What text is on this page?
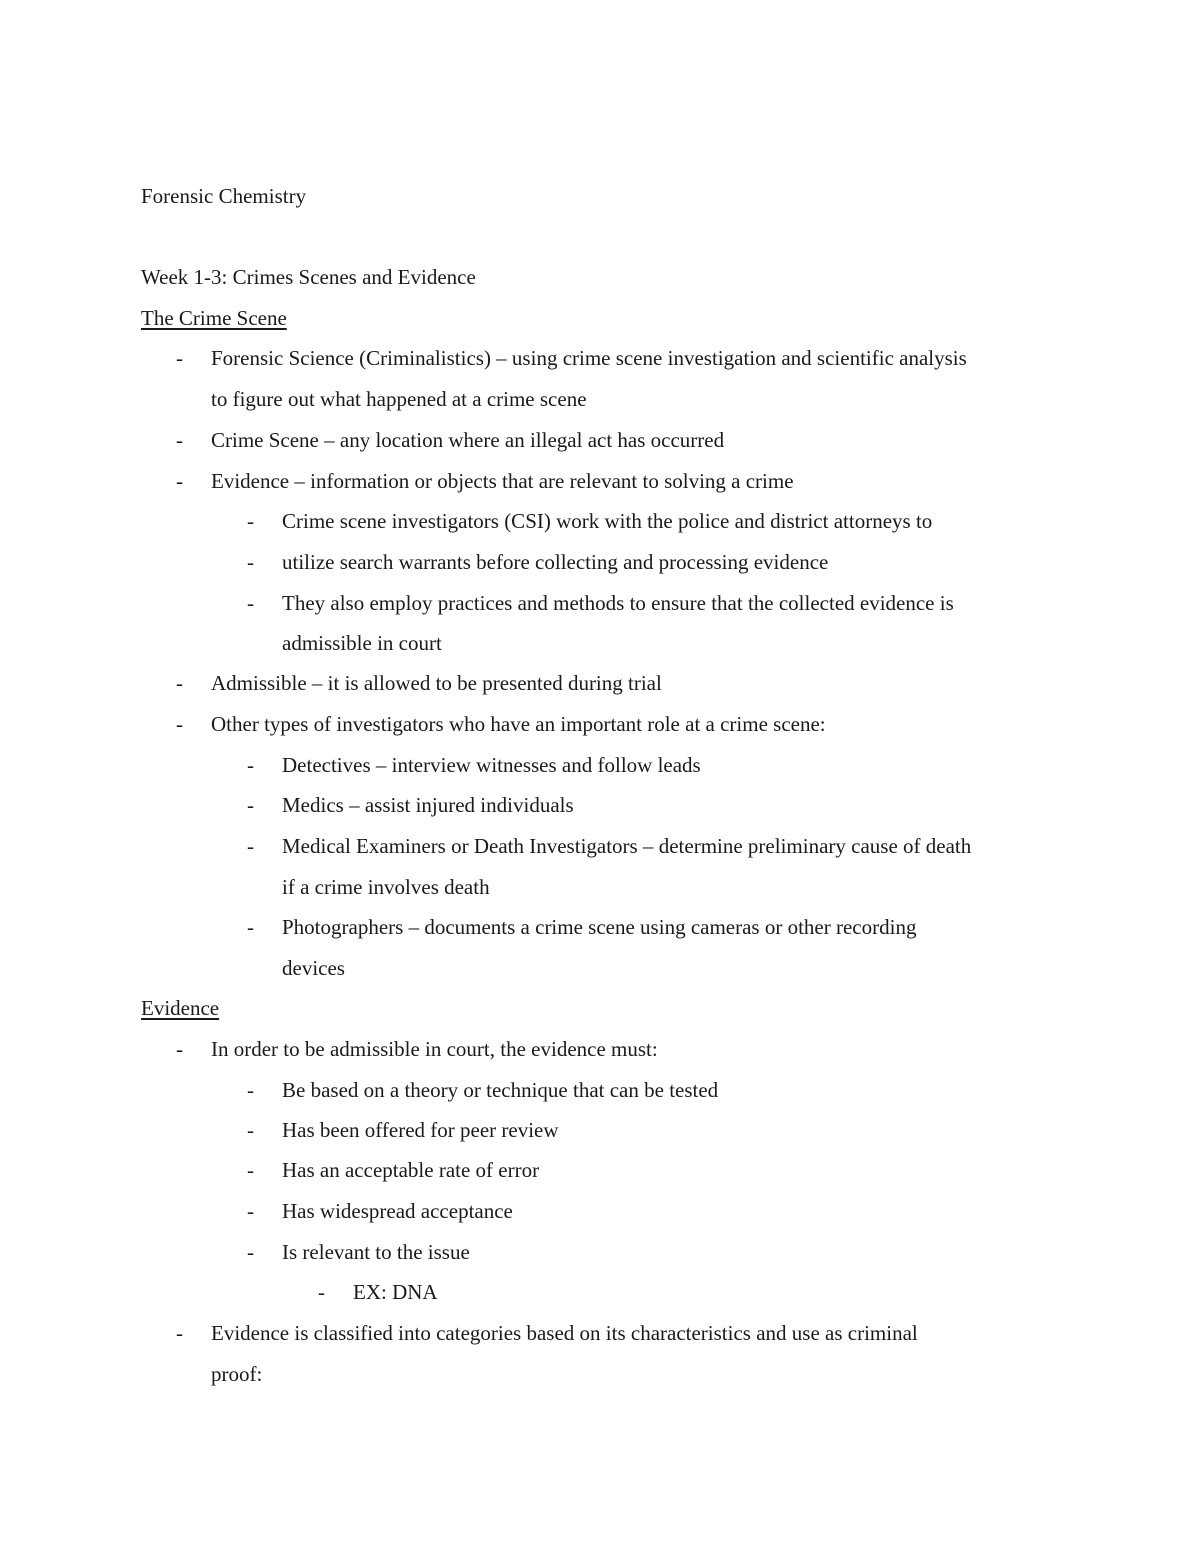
Forensic Chemistry
Week 1-3: Crimes Scenes and Evidence
The Crime Scene
- Forensic Science (Criminalistics) – using crime scene investigation and scientific analysis
to figure out what happened at a crime scene
- Crime Scene – any location where an illegal act has occurred
- Evidence – information or objects that are relevant to solving a crime
- Crime scene investigators (CSI) work with the police and district attorneys to
- utilize search warrants before collecting and processing evidence
- They also employ practices and methods to ensure that the collected evidence is
admissible in court
- Admissible – it is allowed to be presented during trial
- Other types of investigators who have an important role at a crime scene:
- Detectives – interview witnesses and follow leads
- Medics – assist injured individuals
- Medical Examiners or Death Investigators – determine preliminary cause of death
if a crime involves death
- Photographers – documents a crime scene using cameras or other recording
devices
Evidence
- In order to be admissible in court, the evidence must:
- Be based on a theory or technique that can be tested
- Has been offered for peer review
- Has an acceptable rate of error
- Has widespread acceptance
- Is relevant to the issue
- EX: DNA
- Evidence is classified into categories based on its characteristics and use as criminal
proof:
